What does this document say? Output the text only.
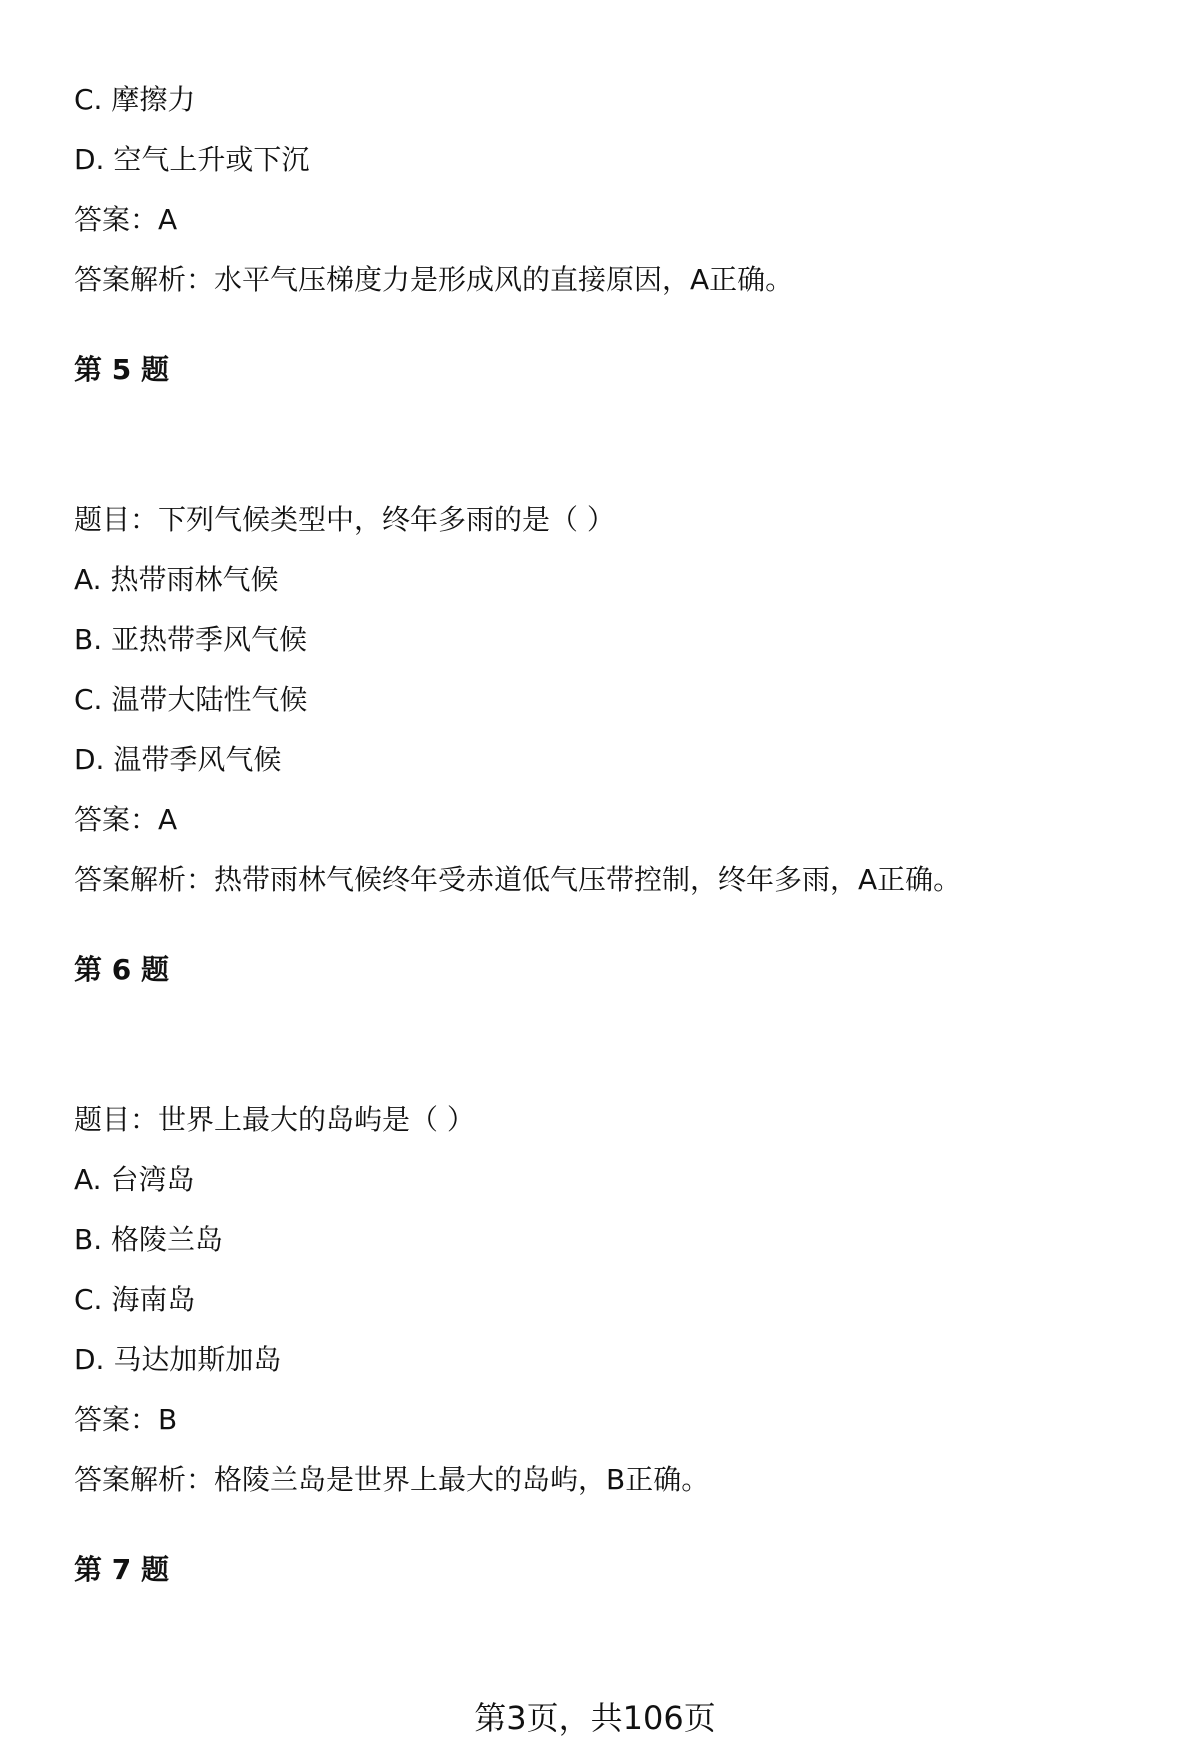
C. 摩擦力
D. 空气上升或下沉
答案：A
答案解析：水平气压梯度力是形成风的直接原因，A正确。
第 5 题
题目：下列气候类型中，终年多雨的是（ ）
A. 热带雨林气候
B. 亚热带季风气候
C. 温带大陆性气候
D. 温带季风气候
答案：A
答案解析：热带雨林气候终年受赤道低气压带控制，终年多雨，A正确。
第 6 题
题目：世界上最大的岛屿是（ ）
A. 台湾岛
B. 格陵兰岛
C. 海南岛
D. 马达加斯加岛
答案：B
答案解析：格陵兰岛是世界上最大的岛屿，B正确。
第 7 题
第3页，共106页
